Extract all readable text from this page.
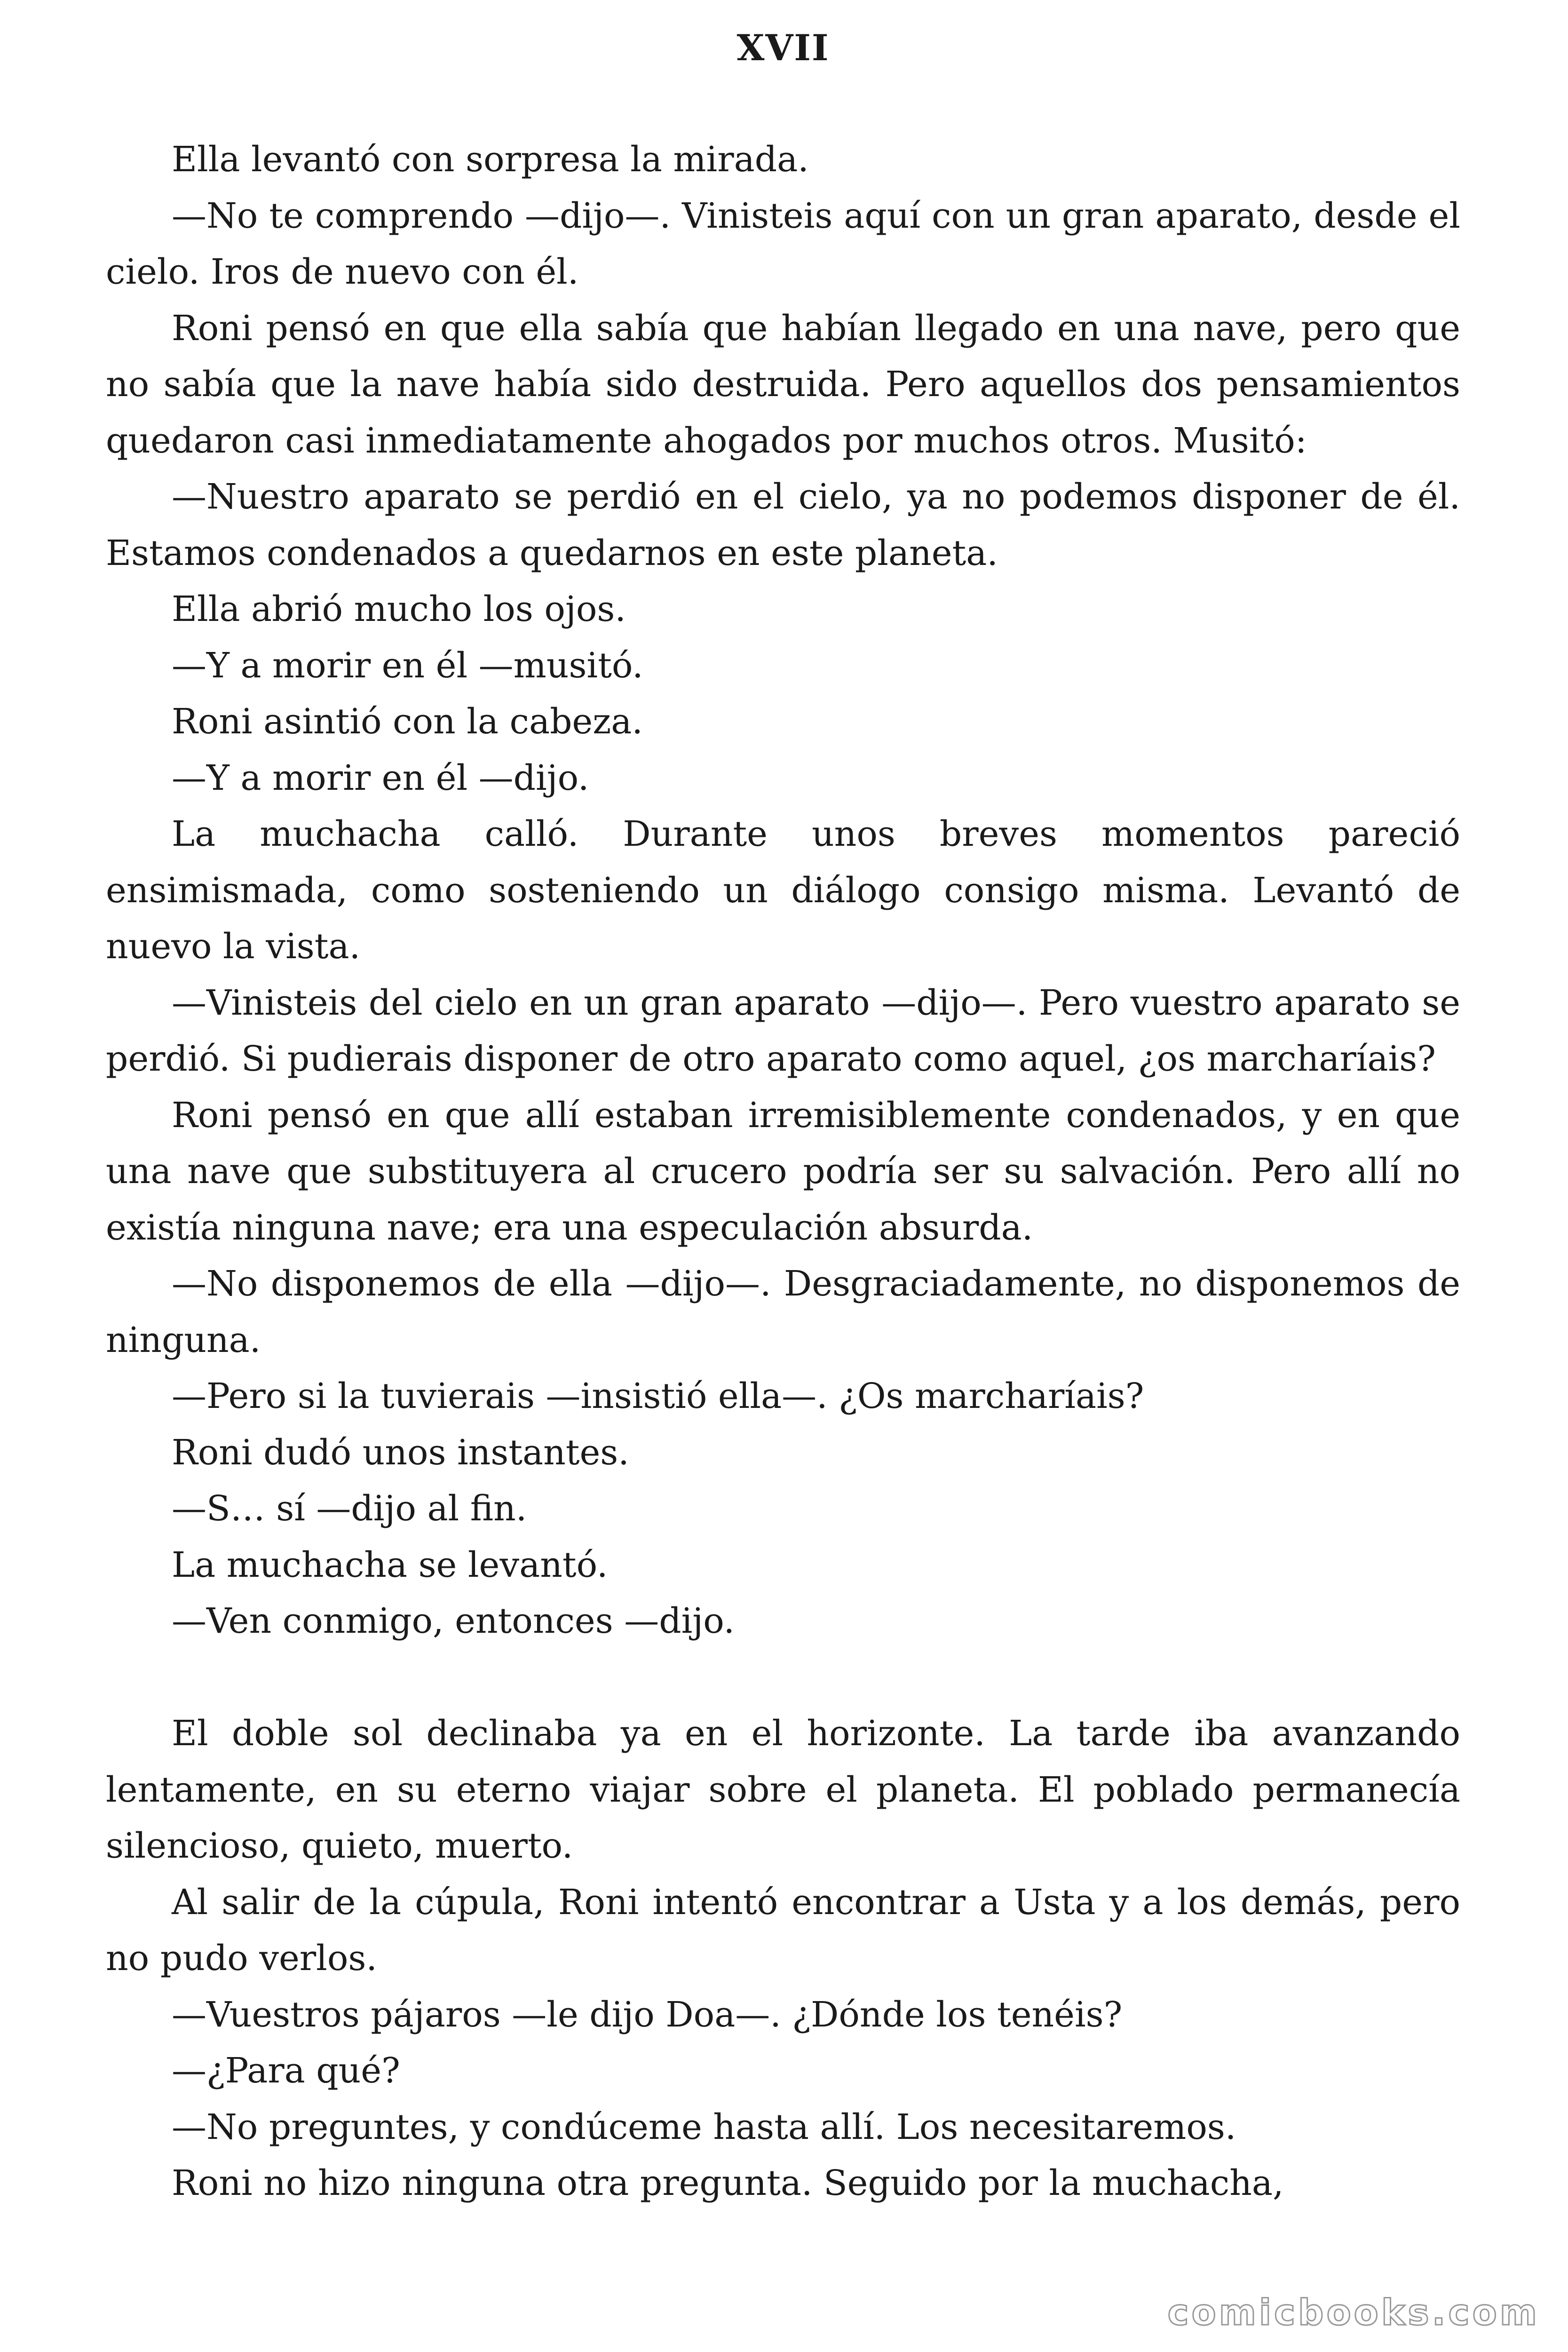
XVII

Ella levantó con sorpresa la mirada.

—No te comprendo —dijo—. Vinisteis aquí con un gran aparato, desde el cielo. Iros de nuevo con él.

Roni pensó en que ella sabía que habían llegado en una nave, pero que no sabía que la nave había sido destruida. Pero aquellos dos pensamientos quedaron casi inmediatamente ahogados por muchos otros. Musitó:

—Nuestro aparato se perdió en el cielo, ya no podemos disponer de él. Estamos condenados a quedarnos en este planeta.

Ella abrió mucho los ojos.

—Y a morir en él —musitó.

Roni asintió con la cabeza.

—Y a morir en él —dijo.

La muchacha calló. Durante unos breves momentos pareció ensimismada, como sosteniendo un diálogo consigo misma. Levantó de nuevo la vista.

—Vinisteis del cielo en un gran aparato —dijo—. Pero vuestro aparato se perdió. Si pudierais disponer de otro aparato como aquel, ¿os marcharíais?

Roni pensó en que allí estaban irremisiblemente condenados, y en que una nave que substituyera al crucero podría ser su salvación. Pero allí no existía ninguna nave; era una especulación absurda.

—No disponemos de ella —dijo—. Desgraciadamente, no disponemos de ninguna.

—Pero si la tuvierais —insistió ella—. ¿Os marcharíais?

Roni dudó unos instantes.

—S… sí —dijo al fin.

La muchacha se levantó.

—Ven conmigo, entonces —dijo.

El doble sol declinaba ya en el horizonte. La tarde iba avanzando lentamente, en su eterno viajar sobre el planeta. El poblado permanecía silencioso, quieto, muerto.

Al salir de la cúpula, Roni intentó encontrar a Usta y a los demás, pero no pudo verlos.

—Vuestros pájaros —le dijo Doa—. ¿Dónde los tenéis?

—¿Para qué?

—No preguntes, y condúceme hasta allí. Los necesitaremos.

Roni no hizo ninguna otra pregunta. Seguido por la muchacha,

comicbooks.com
